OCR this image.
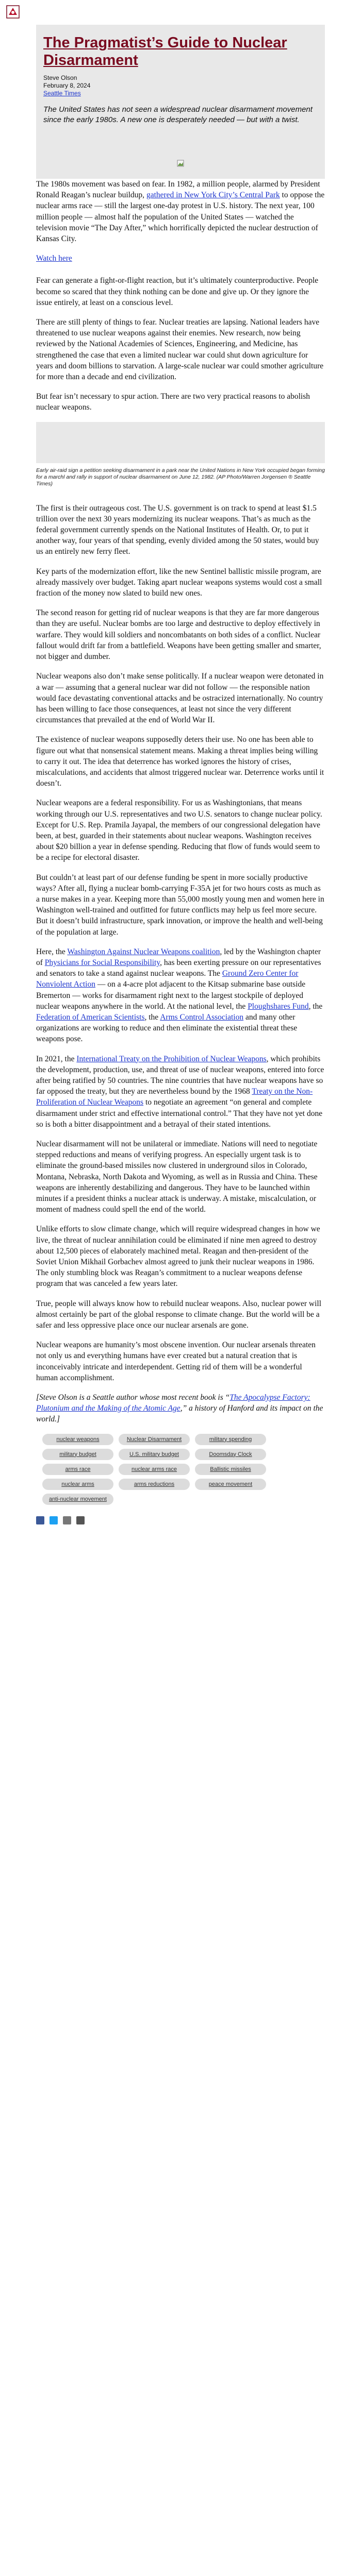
The Pragmatist’s Guide to Nuclear Disarmament
Steve Olson
February 8, 2024
Seattle Times
The United States has not seen a widespread nuclear disarmament movement since the early 1980s. A new one is desperately needed — but with a twist.

The 1980s movement was based on fear. In 1982, a million people, alarmed by President Ronald Reagan’s nuclear buildup, gathered in New York City’s Central Park to oppose the nuclear arms race — still the largest one-day protest in U.S. history. The next year, 100 million people — almost half the population of the United States — watched the television movie “The Day After,” which horrifically depicted the nuclear destruction of Kansas City.

Watch here

Fear can generate a fight-or-flight reaction, but it’s ultimately counterproductive. People become so scared that they think nothing can be done and give up. Or they ignore the issue entirely, at least on a conscious level.

There are still plenty of things to fear. Nuclear treaties are lapsing. National leaders have threatened to use nuclear weapons against their enemies. New research, now being reviewed by the National Academies of Sciences, Engineering, and Medicine, has strengthened the case that even a limited nuclear war could shut down agriculture for years and doom billions to starvation. A large-scale nuclear war could smother agriculture for more than a decade and end civilization.

But fear isn’t necessary to spur action. There are two very practical reasons to abolish nuclear weapons.

Early air-raid sign a petition seeking disarmament in a park near the United Nations in New York occupied began forming for a marchl and rally in support of nuclear disarmament on June 12, 1982. (AP Photo/Warren Jorgensen ® Seattle Times)

The first is their outrageous cost. The U.S. government is on track to spend at least $1.5 trillion over the next 30 years modernizing its nuclear weapons. That’s as much as the federal government currently spends on the National Institutes of Health. Or, to put it another way, four years of that spending, evenly divided among the 50 states, would buy us an entirely new ferry fleet.

Key parts of the modernization effort, like the new Sentinel ballistic missile program, are already massively over budget. Taking apart nuclear weapons systems would cost a small fraction of the money now slated to build new ones.

The second reason for getting rid of nuclear weapons is that they are far more dangerous than they are useful. Nuclear bombs are too large and destructive to deploy effectively in warfare. They would kill soldiers and noncombatants on both sides of a conflict. Nuclear fallout would drift far from a battlefield. Weapons have been getting smaller and smarter, not bigger and dumber.

Nuclear weapons also don’t make sense politically. If a nuclear weapon were detonated in a war — assuming that a general nuclear war did not follow — the responsible nation would face devastating conventional attacks and be ostracized internationally. No country has been willing to face those consequences, at least not since the very different circumstances that prevailed at the end of World War II.

The existence of nuclear weapons supposedly deters their use. No one has been able to figure out what that nonsensical statement means. Making a threat implies being willing to carry it out. The idea that deterrence has worked ignores the history of crises, miscalculations, and accidents that almost triggered nuclear war. Deterrence works until it doesn’t.

Nuclear weapons are a federal responsibility. For us as Washingtonians, that means working through our U.S. representatives and two U.S. senators to change nuclear policy. Except for U.S. Rep. Pramila Jayapal, the members of our congressional delegation have been, at best, guarded in their statements about nuclear weapons. Washington receives about $20 billion a year in defense spending. Reducing that flow of funds would seem to be a recipe for electoral disaster.

But couldn’t at least part of our defense funding be spent in more socially productive ways? After all, flying a nuclear bomb-carrying F-35A jet for two hours costs as much as a nurse makes in a year. Keeping more than 55,000 mostly young men and women here in Washington well-trained and outfitted for future conflicts may help us feel more secure. But it doesn’t build infrastructure, spark innovation, or improve the health and well-being of the population at large.

Here, the Washington Against Nuclear Weapons coalition, led by the Washington chapter of Physicians for Social Responsibility, has been exerting pressure on our representatives and senators to take a stand against nuclear weapons. The Ground Zero Center for Nonviolent Action — on a 4-acre plot adjacent to the Kitsap submarine base outside Bremerton — works for disarmament right next to the largest stockpile of deployed nuclear weapons anywhere in the world. At the national level, the Ploughshares Fund, the Federation of American Scientists, the Arms Control Association and many other organizations are working to reduce and then eliminate the existential threat these weapons pose.

In 2021, the International Treaty on the Prohibition of Nuclear Weapons, which prohibits the development, production, use, and threat of use of nuclear weapons, entered into force after being ratified by 50 countries. The nine countries that have nuclear weapons have so far opposed the treaty, but they are nevertheless bound by the 1968 Treaty on the Non-Proliferation of Nuclear Weapons to negotiate an agreement “on general and complete disarmament under strict and effective international control.” That they have not yet done so is both a bitter disappointment and a betrayal of their stated intentions.

Nuclear disarmament will not be unilateral or immediate. Nations will need to negotiate stepped reductions and means of verifying progress. An especially urgent task is to eliminate the ground-based missiles now clustered in underground silos in Colorado, Montana, Nebraska, North Dakota and Wyoming, as well as in Russia and China. These weapons are inherently destabilizing and dangerous. They have to be launched within minutes if a president thinks a nuclear attack is underway. A mistake, miscalculation, or moment of madness could spell the end of the world.

Unlike efforts to slow climate change, which will require widespread changes in how we live, the threat of nuclear annihilation could be eliminated if nine men agreed to destroy about 12,500 pieces of elaborately machined metal. Reagan and then-president of the Soviet Union Mikhail Gorbachev almost agreed to junk their nuclear weapons in 1986. The only stumbling block was Reagan’s commitment to a nuclear weapons defense program that was canceled a few years later.

True, people will always know how to rebuild nuclear weapons. Also, nuclear power will almost certainly be part of the global response to climate change. But the world will be a safer and less oppressive place once our nuclear arsenals are gone.

Nuclear weapons are humanity’s most obscene invention. Our nuclear arsenals threaten not only us and everything humans have ever created but a natural creation that is inconceivably intricate and interdependent. Getting rid of them will be a wonderful human accomplishment.

[Steve Olson is a Seattle author whose most recent book is “The Apocalypse Factory: Plutonium and the Making of the Atomic Age,” a history of Hanford and its impact on the world.]

nuclear weapons	Nuclear Disarmament	military spending
military budget	U.S. military budget	Doomsday Clock
arms race	nuclear arms race	Ballistic missiles
nuclear arms	arms reductions	peace movement
anti-nuclear movement
